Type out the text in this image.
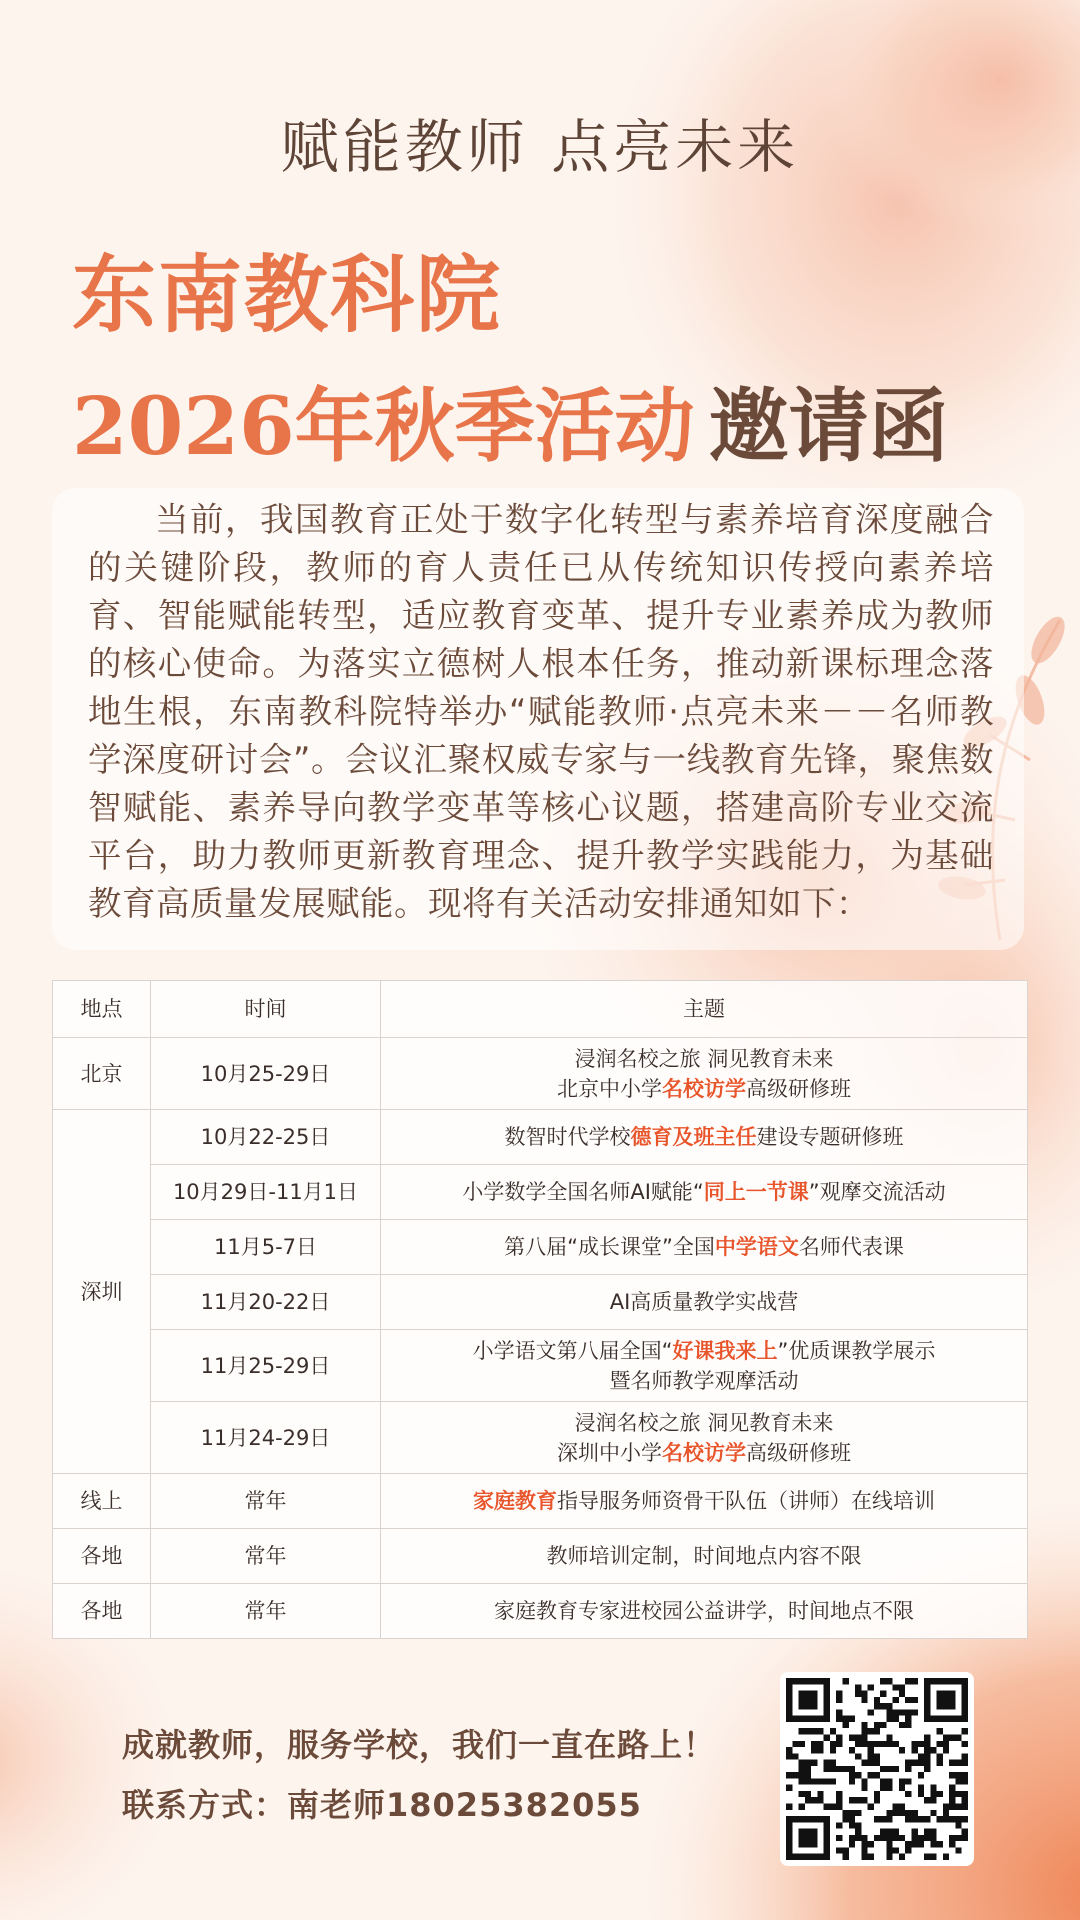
赋能教师 点亮未来
东南教科院
2026年秋季活动 邀请函

当前，我国教育正处于数字化转型与素养培育深度融合的关键阶段，教师的育人责任已从传统知识传授向素养培育、智能赋能转型，适应教育变革、提升专业素养成为教师的核心使命。为落实立德树人根本任务，推动新课标理念落地生根，东南教科院特举办“赋能教师·点亮未来－－名师教学深度研讨会”。会议汇聚权威专家与一线教育先锋，聚焦数智赋能、素养导向教学变革等核心议题，搭建高阶专业交流平台，助力教师更新教育理念、提升教学实践能力，为基础教育高质量发展赋能。现将有关活动安排通知如下：

地点	时间	主题
北京	10月25-29日	浸润名校之旅 洞见教育未来
北京中小学名校访学高级研修班

深圳	10月22-25日	数智时代学校德育及班主任建设专题研修班
	10月29日-11月1日	小学数学全国名师AI赋能“同上一节课”观摩交流活动
	11月5-7日	第八届“成长课堂”全国中学语文名师代表课
	11月20-22日	AI高质量教学实战营
	11月25-29日	小学语文第八届全国“好课我来上”优质课教学展示
暨名师教学观摩活动

	11月24-29日	浸润名校之旅 洞见教育未来
深圳中小学名校访学高级研修班

线上	常年	家庭教育指导服务师资骨干队伍（讲师）在线培训
各地	常年	教师培训定制，时间地点内容不限
各地	常年	家庭教育专家进校园公益讲学，时间地点不限
成就教师，服务学校，我们一直在路上！
联系方式：南老师18025382055
